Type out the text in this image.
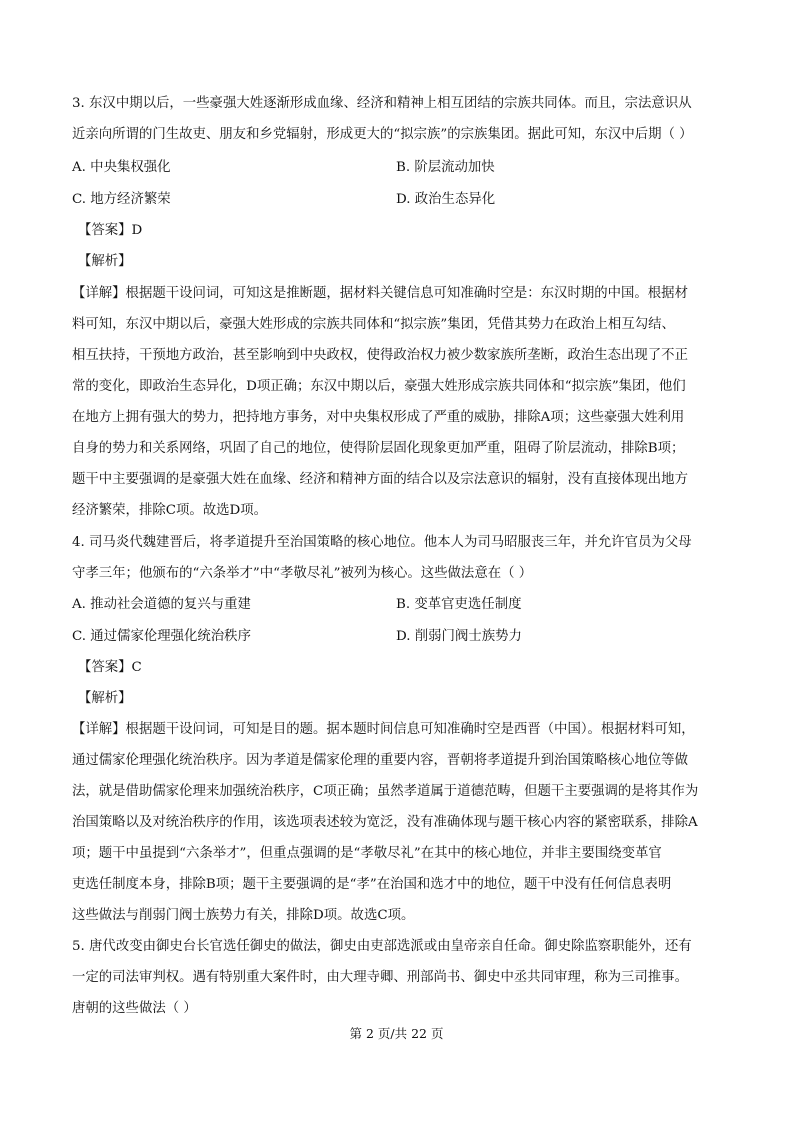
3. 东汉中期以后，一些豪强大姓逐渐形成血缘、经济和精神上相互团结的宗族共同体。而且，宗法意识从
近亲向所谓的门生故吏、朋友和乡党辐射，形成更大的“拟宗族”的宗族集团。据此可知，东汉中后期（ ）
A. 中央集权强化	B. 阶层流动加快
C. 地方经济繁荣	D. 政治生态异化
【答案】D
【解析】
【详解】根据题干设问词，可知这是推断题，据材料关键信息可知准确时空是：东汉时期的中国。根据材
料可知，东汉中期以后，豪强大姓形成的宗族共同体和“拟宗族”集团，凭借其势力在政治上相互勾结、
相互扶持，干预地方政治，甚至影响到中央政权，使得政治权力被少数家族所垄断，政治生态出现了不正
常的变化，即政治生态异化，D项正确；东汉中期以后，豪强大姓形成宗族共同体和“拟宗族”集团，他们
在地方上拥有强大的势力，把持地方事务，对中央集权形成了严重的威胁，排除A项；这些豪强大姓利用
自身的势力和关系网络，巩固了自己的地位，使得阶层固化现象更加严重，阻碍了阶层流动，排除B项；
题干中主要强调的是豪强大姓在血缘、经济和精神方面的结合以及宗法意识的辐射，没有直接体现出地方
经济繁荣，排除C项。故选D项。
4. 司马炎代魏建晋后，将孝道提升至治国策略的核心地位。他本人为司马昭服丧三年，并允许官员为父母
守孝三年；他颁布的“六条举才”中“孝敬尽礼”被列为核心。这些做法意在（ ）
A. 推动社会道德的复兴与重建	B. 变革官吏选任制度
C. 通过儒家伦理强化统治秩序	D. 削弱门阀士族势力
【答案】C
【解析】
【详解】根据题干设问词，可知是目的题。据本题时间信息可知准确时空是西晋（中国）。根据材料可知，
通过儒家伦理强化统治秩序。因为孝道是儒家伦理的重要内容，晋朝将孝道提升到治国策略核心地位等做
法，就是借助儒家伦理来加强统治秩序，C项正确；虽然孝道属于道德范畴，但题干主要强调的是将其作为
治国策略以及对统治秩序的作用，该选项表述较为宽泛，没有准确体现与题干核心内容的紧密联系，排除A
项；题干中虽提到“六条举才”，但重点强调的是“孝敬尽礼”在其中的核心地位，并非主要围绕变革官
吏选任制度本身，排除B项；题干主要强调的是“孝”在治国和选才中的地位，题干中没有任何信息表明
这些做法与削弱门阀士族势力有关，排除D项。故选C项。
5. 唐代改变由御史台长官选任御史的做法，御史由吏部选派或由皇帝亲自任命。御史除监察职能外，还有
一定的司法审判权。遇有特别重大案件时，由大理寺卿、刑部尚书、御史中丞共同审理，称为三司推事。
唐朝的这些做法（ ）
第 2 页/共 22 页
